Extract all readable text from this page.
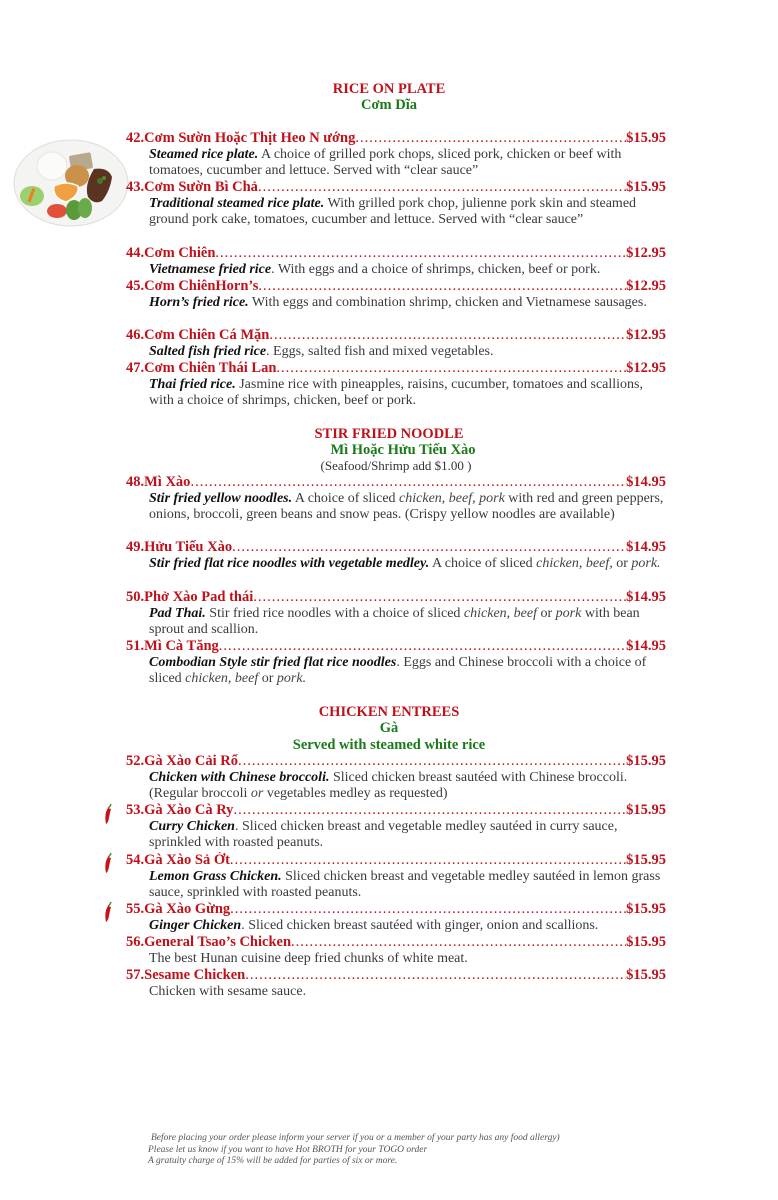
RICE ON PLATE
Cơm Dĩa
42. Cơm Sườn Hoặc Thịt Heo N ướng .....	$15.95
Steamed rice plate. A choice of grilled pork chops, sliced pork, chicken or beef with tomatoes, cucumber and lettuce. Served with “clear sauce”
43. Cơm Sườn Bì Chả .....	$15.95
Traditional steamed rice plate. With grilled pork chop, julienne pork skin and steamed ground pork cake, tomatoes, cucumber and lettuce. Served with “clear sauce”
44. Cơm Chiên .....	$12.95
Vietnamese fried rice. With eggs and a choice of shrimps, chicken, beef or pork.
45. Cơm ChiênHorn’s .....	$12.95
Horn’s fried rice. With eggs and combination shrimp, chicken and Vietnamese sausages.
46. Cơm Chiên Cá Mặn .....	$12.95
Salted fish fried rice. Eggs, salted fish and mixed vegetables.
47. Cơm Chiên Thái Lan .....	$12.95
Thai fried rice. Jasmine rice with pineapples, raisins, cucumber, tomatoes and scallions, with a choice of shrimps, chicken, beef or pork.
STIR FRIED NOODLE
Mì Hoặc Hửu Tiếu Xào
(Seafood/Shrimp add $1.00 )
48. Mì Xào .....	$14.95
Stir fried yellow noodles. A choice of sliced chicken, beef, pork with red and green peppers, onions, broccoli, green beans and snow peas. (Crispy yellow noodles are available)
49. Hửu Tiếu Xào .....	$14.95
Stir fried flat rice noodles with vegetable medley. A choice of sliced chicken, beef, or pork.
50. Phở Xào Pad thái .....	$14.95
Pad Thai. Stir fried rice noodles with a choice of sliced chicken, beef or pork with bean sprout and scallion.
51. Mì Cà Tăng .....	$14.95
Combodian Style stir fried flat rice noodles. Eggs and Chinese broccoli with a choice of sliced chicken, beef or pork.
CHICKEN ENTREES
Gà
Served with steamed white rice
52. Gà Xào Cải Rổ .....	$15.95
Chicken with Chinese broccoli. Sliced chicken breast sautéed with Chinese broccoli. (Regular broccoli or vegetables medley as requested)
53. Gà Xào Cà Ry .....	$15.95
Curry Chicken. Sliced chicken breast and vegetable medley sautéed in curry sauce, sprinkled with roasted peanuts.
54. Gà Xào Sả Ớt .....	$15.95
Lemon Grass Chicken. Sliced chicken breast and vegetable medley sautéed in lemon grass sauce, sprinkled with roasted peanuts.
55. Gà Xào Gừng .....	$15.95
Ginger Chicken. Sliced chicken breast sautéed with ginger, onion and scallions.
56. General Tsao’s Chicken .....	$15.95
The best Hunan cuisine deep fried chunks of white meat.
57. Sesame Chicken .....	$15.95
Chicken with sesame sauce.
Before placing your order please inform your server if you or a member of your party has any food allergy)
Please let us know if you want to have Hot BROTH for your TOGO order
A gratuity charge of 15% will be added for parties of six or more.
